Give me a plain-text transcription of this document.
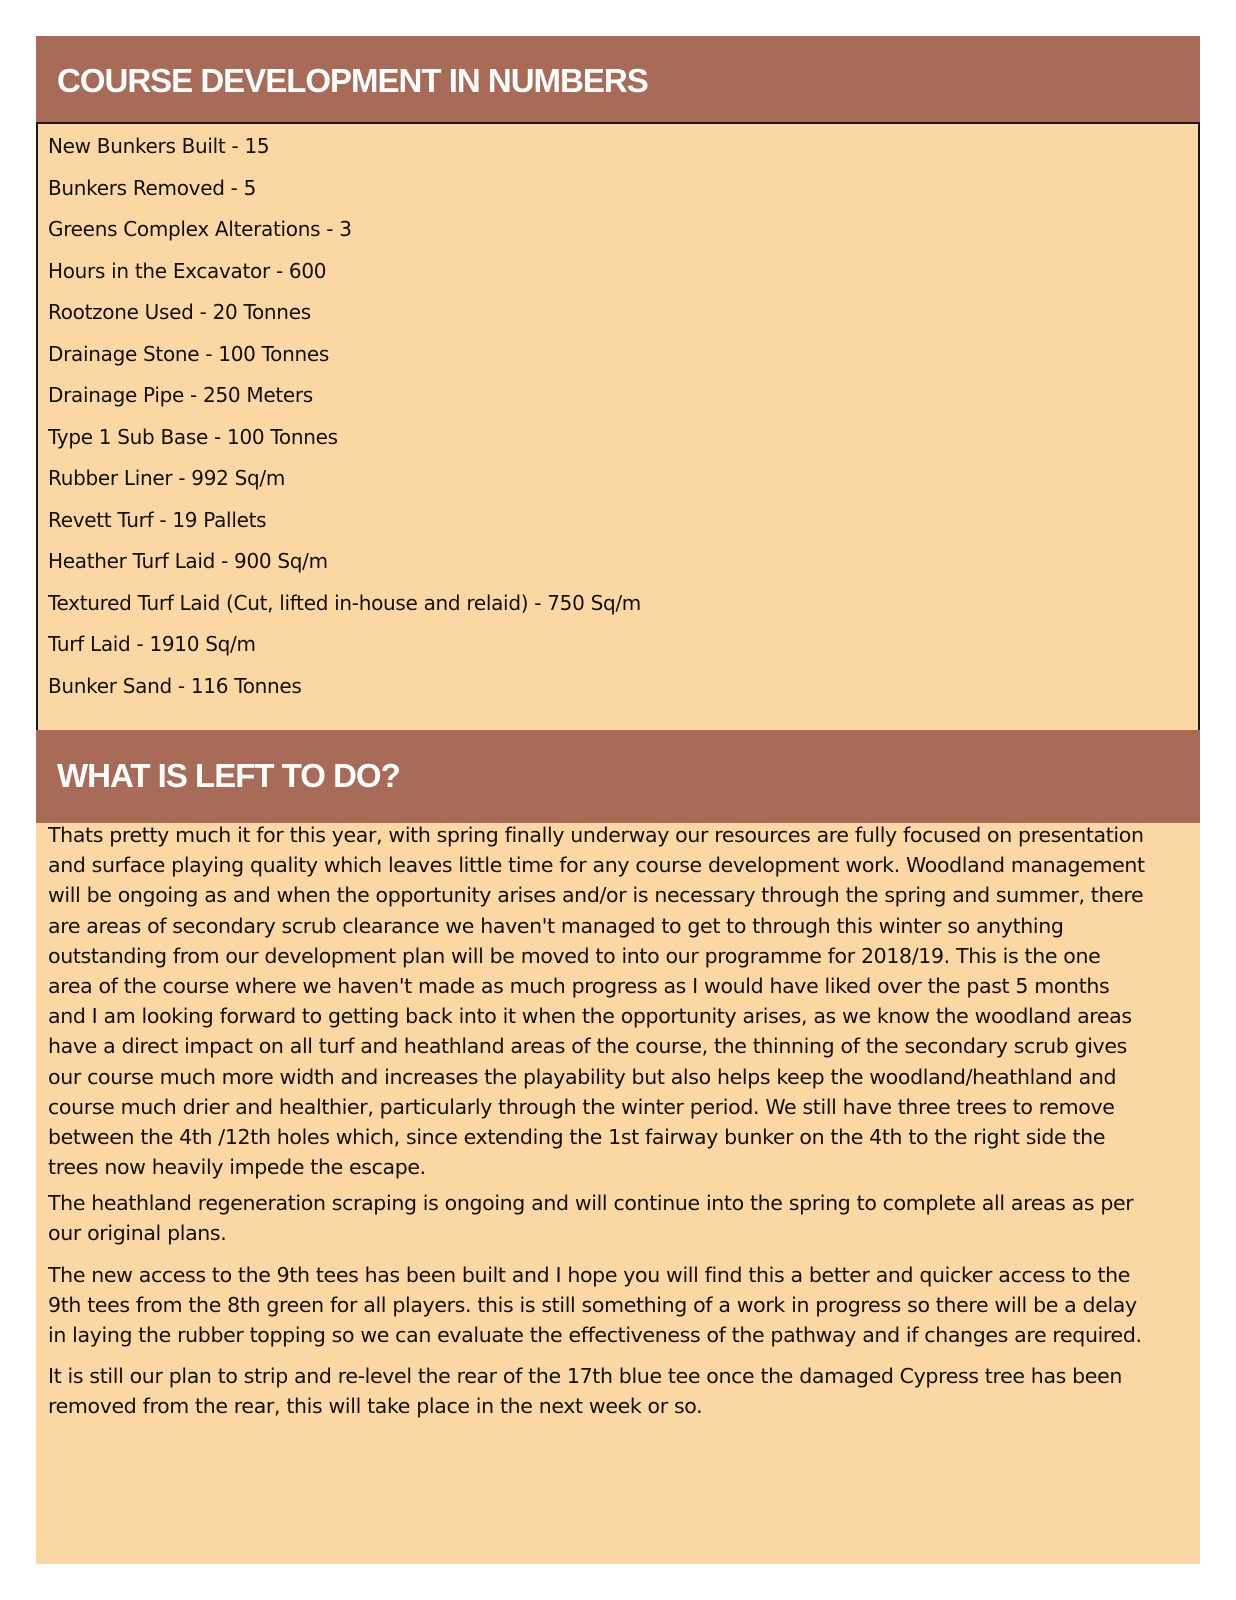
COURSE DEVELOPMENT IN NUMBERS
New Bunkers Built - 15
Bunkers Removed - 5
Greens Complex Alterations - 3
Hours in the Excavator - 600
Rootzone Used - 20 Tonnes
Drainage Stone - 100 Tonnes
Drainage Pipe - 250 Meters
Type 1 Sub Base - 100 Tonnes
Rubber Liner - 992 Sq/m
Revett Turf - 19 Pallets
Heather Turf Laid - 900 Sq/m
Textured Turf Laid (Cut, lifted in-house and relaid) - 750 Sq/m
Turf Laid - 1910 Sq/m
Bunker Sand - 116 Tonnes
WHAT IS LEFT TO DO?

Thats pretty much it for this year, with spring finally underway our resources are fully focused on presentation
and surface playing quality which leaves little time for any course development work. Woodland management
will be ongoing as and when the opportunity arises and/or is necessary through the spring and summer, there
are areas of secondary scrub clearance we haven't managed to get to through this winter so anything
outstanding from our development plan will be moved to into our programme for 2018/19. This is the one
area of the course where we haven't made as much progress as I would have liked over the past 5 months
and I am looking forward to getting back into it when the opportunity arises, as we know the woodland areas
have a direct impact on all turf and heathland areas of the course, the thinning of the secondary scrub gives
our course much more width and increases the playability but also helps keep the woodland/heathland and
course much drier and healthier, particularly through the winter period. We still have three trees to remove
between the 4th /12th holes which, since extending the 1st fairway bunker on the 4th to the right side the
trees now heavily impede the escape.

The heathland regeneration scraping is ongoing and will continue into the spring to complete all areas as per
our original plans.

The new access to the 9th tees has been built and I hope you will find this a better and quicker access to the
9th tees from the 8th green for all players. this is still something of a work in progress so there will be a delay
in laying the rubber topping so we can evaluate the effectiveness of the pathway and if changes are required.

It is still our plan to strip and re-level the rear of the 17th blue tee once the damaged Cypress tree has been
removed from the rear, this will take place in the next week or so.
